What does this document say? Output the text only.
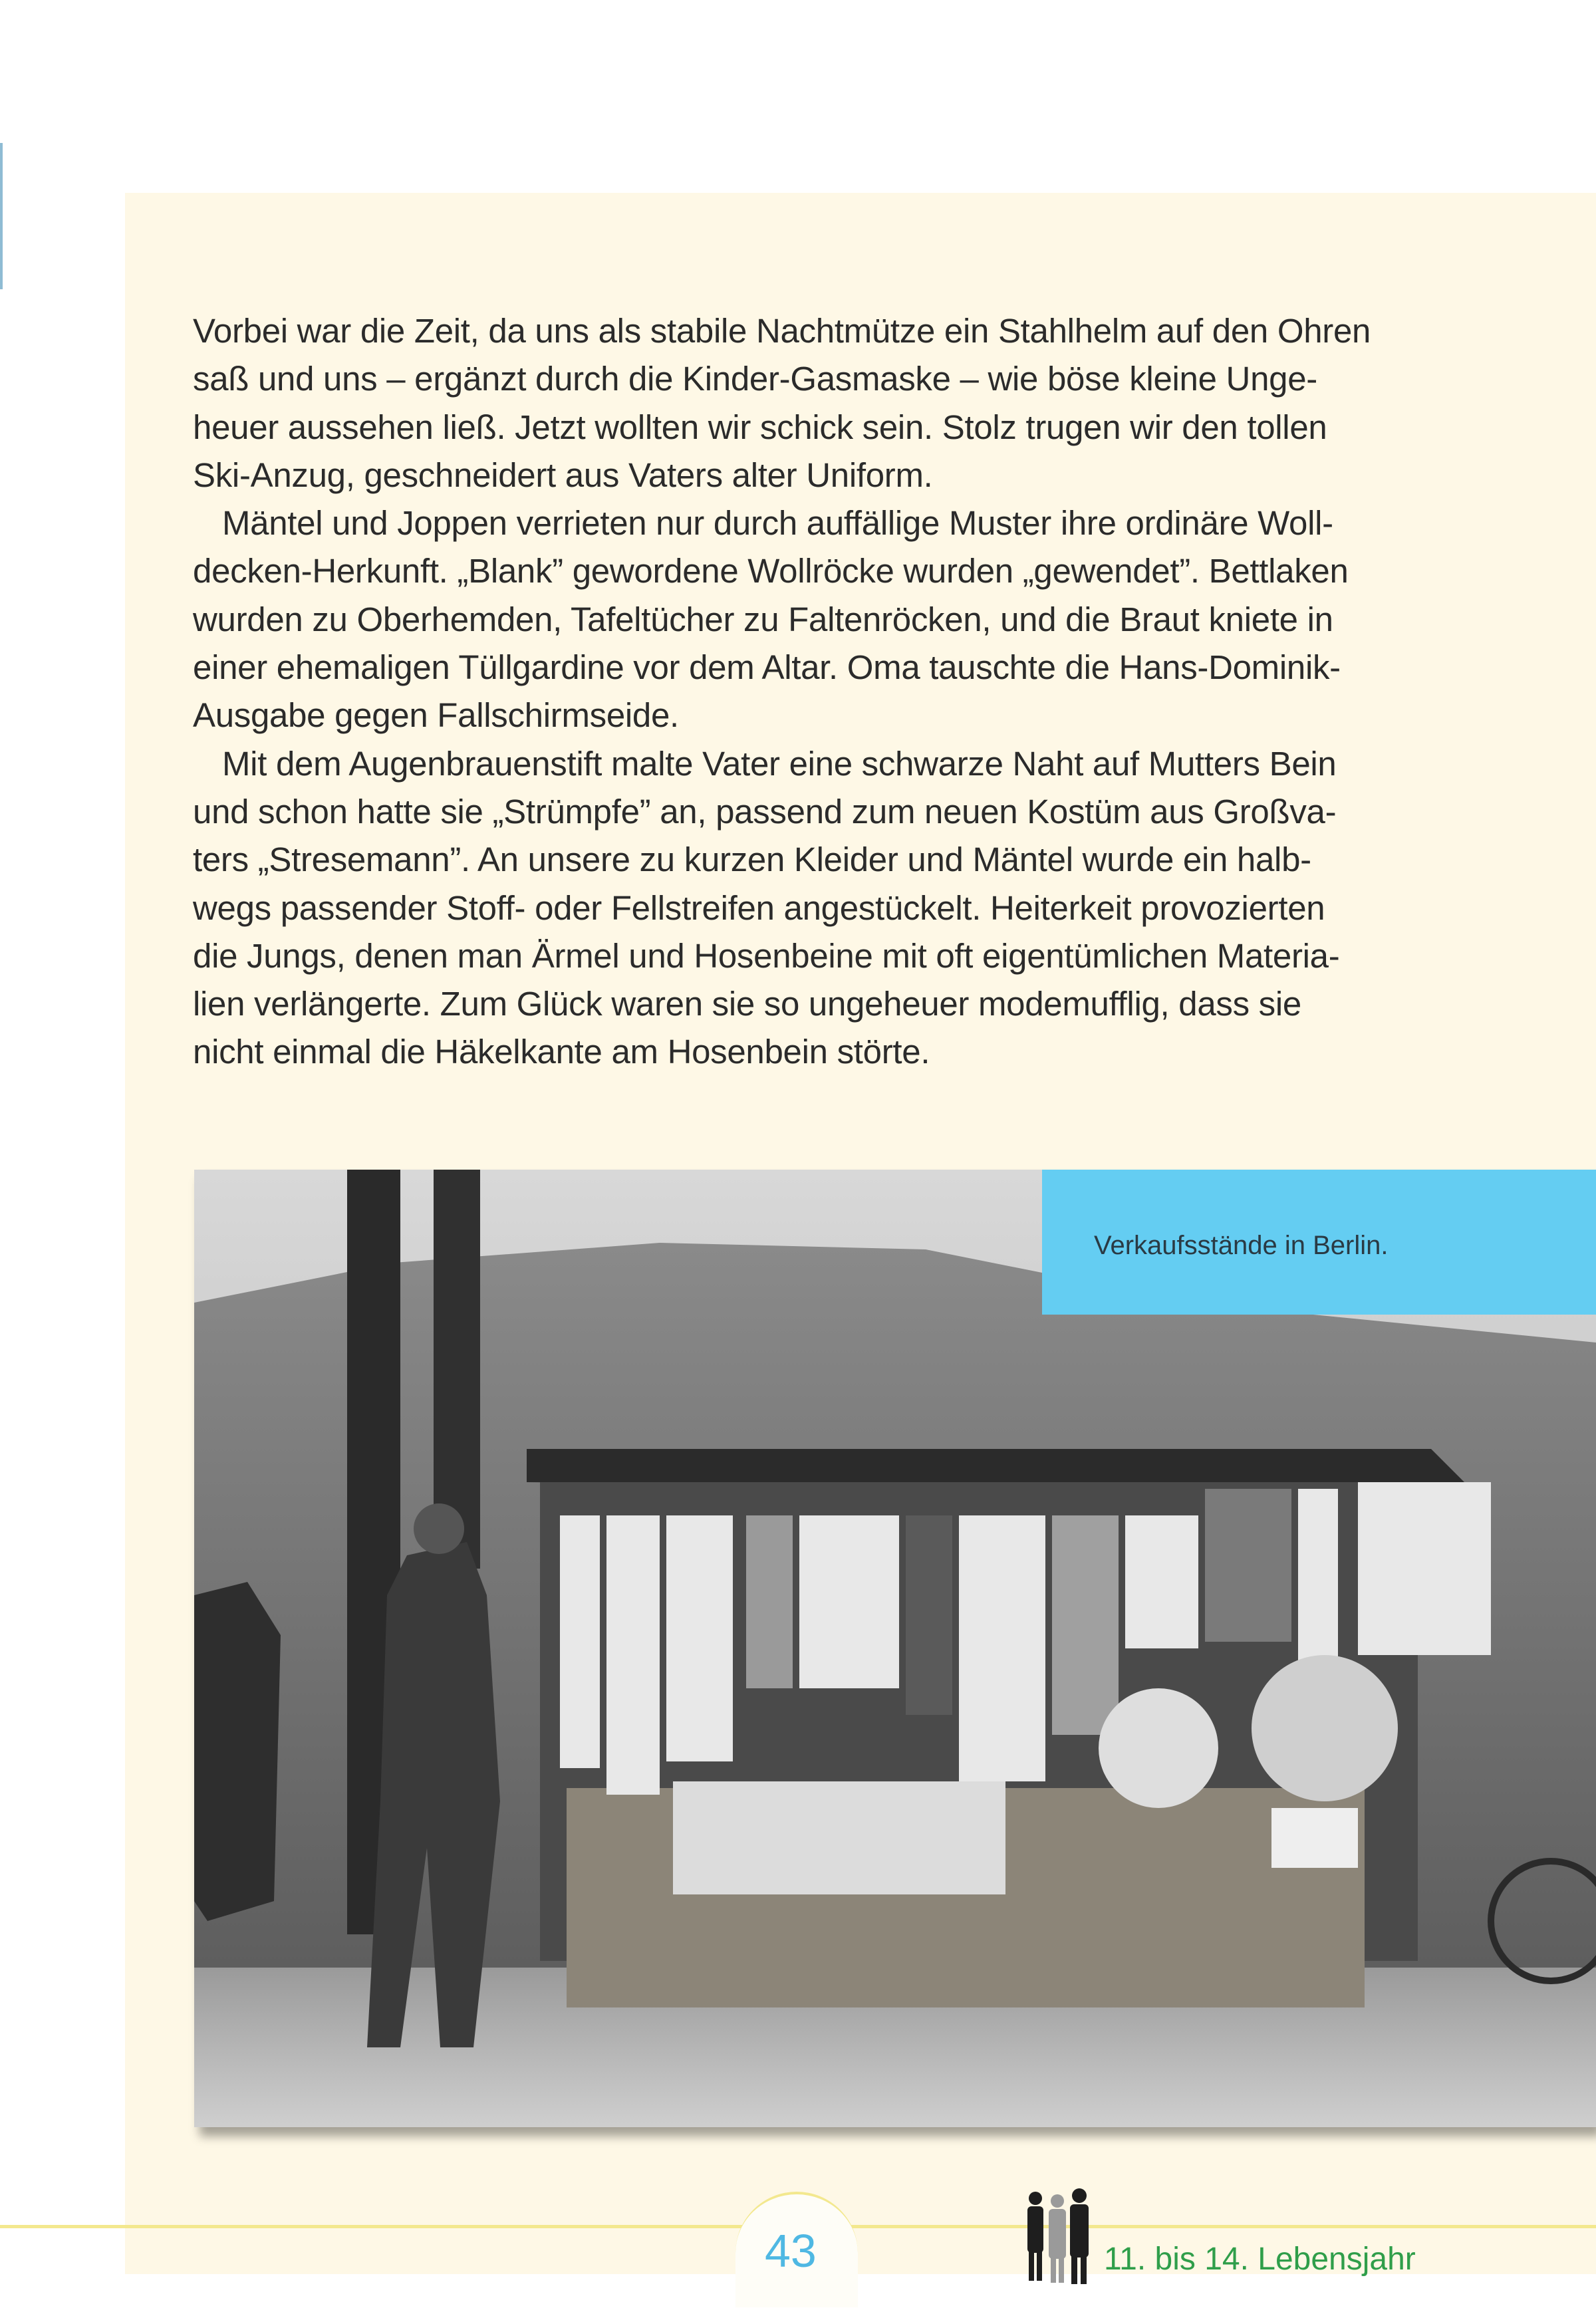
Vorbei war die Zeit, da uns als stabile Nachtmütze ein Stahlhelm auf den Ohren
saß und uns – ergänzt durch die Kinder-Gasmaske – wie böse kleine Unge-
heuer aussehen ließ. Jetzt wollten wir schick sein. Stolz trugen wir den tollen
Ski-Anzug, geschneidert aus Vaters alter Uniform.
Mäntel und Joppen verrieten nur durch auffällige Muster ihre ordinäre Woll-
decken-Herkunft. „Blank” gewordene Wollröcke wurden „gewendet”. Bettlaken
wurden zu Oberhemden, Tafeltücher zu Faltenröcken, und die Braut kniete in
einer ehemaligen Tüllgardine vor dem Altar. Oma tauschte die Hans-Dominik-
Ausgabe gegen Fallschirmseide.
Mit dem Augenbrauenstift malte Vater eine schwarze Naht auf Mutters Bein
und schon hatte sie „Strümpfe” an, passend zum neuen Kostüm aus Großva-
ters „Stresemann”. An unsere zu kurzen Kleider und Mäntel wurde ein halb-
wegs passender Stoff- oder Fellstreifen angestückelt. Heiterkeit provozierten
die Jungs, denen man Ärmel und Hosenbeine mit oft eigentümlichen Materia-
lien verlängerte. Zum Glück waren sie so ungeheuer modemufflig, dass sie
nicht einmal die Häkelkante am Hosenbein störte.
Verkaufsstände in Berlin.
43	11. bis 14. Lebensjahr
